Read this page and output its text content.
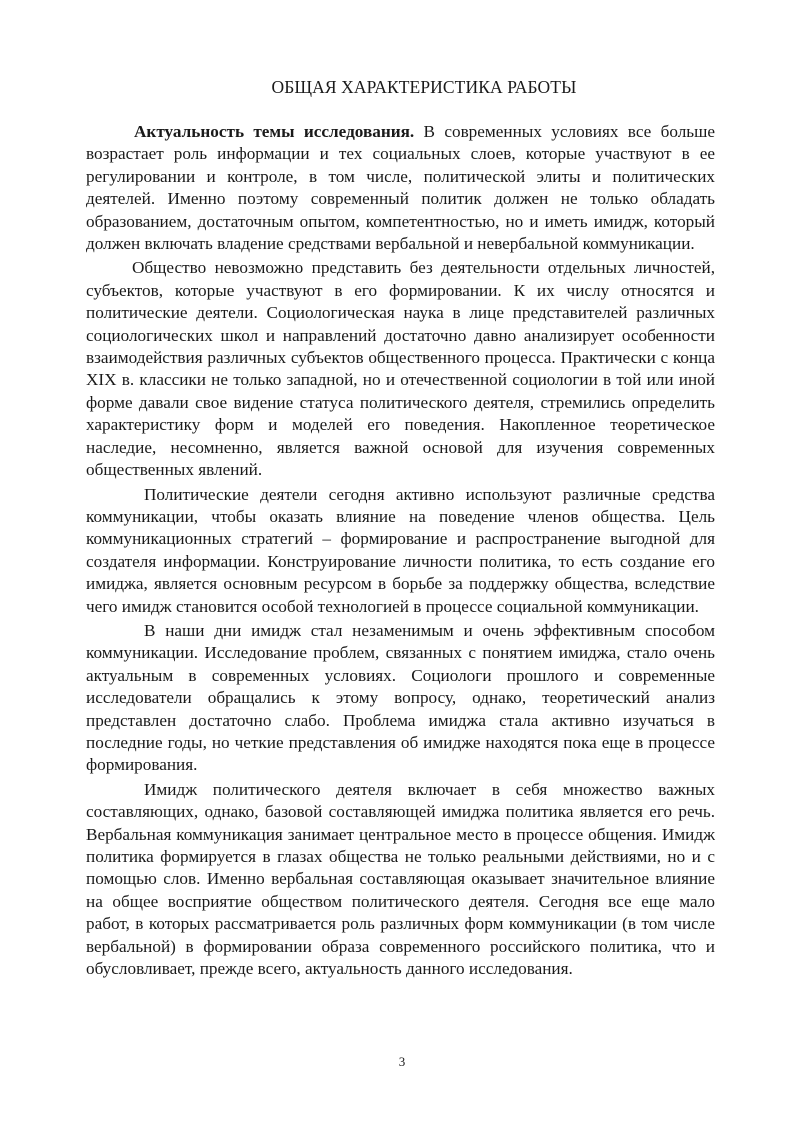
ОБЩАЯ ХАРАКТЕРИСТИКА РАБОТЫ

Актуальность темы исследования. В современных условиях все больше возрастает роль информации и тех социальных слоев, которые участвуют в ее регулировании и контроле, в том числе, политической элиты и политических деятелей. Именно поэтому современный политик должен не только обладать образованием, достаточным опытом, компетентностью, но и иметь имидж, который должен включать владение средствами вербальной и невербальной коммуникации.

Общество невозможно представить без деятельности отдельных личностей, субъектов, которые участвуют в его формировании. К их числу относятся и политические деятели. Социологическая наука в лице представителей различных социологических школ и направлений достаточно давно анализирует особенности взаимодействия различных субъектов общественного процесса. Практически с конца XIX в. классики не только западной, но и отечественной социологии в той или иной форме давали свое видение статуса политического деятеля, стремились определить характеристику форм и моделей его поведения. Накопленное теоретическое наследие, несомненно, является важной основой для изучения современных общественных явлений.

Политические деятели сегодня активно используют различные средства коммуникации, чтобы оказать влияние на поведение членов общества. Цель коммуникационных стратегий – формирование и распространение выгодной для создателя информации. Конструирование личности политика, то есть создание его имиджа, является основным ресурсом в борьбе за поддержку общества, вследствие чего имидж становится особой технологией в процессе социальной коммуникации.

В наши дни имидж стал незаменимым и очень эффективным способом коммуникации. Исследование проблем, связанных с понятием имиджа, стало очень актуальным в современных условиях. Социологи прошлого и современные исследователи обращались к этому вопросу, однако, теоретический анализ представлен достаточно слабо. Проблема имиджа стала активно изучаться в последние годы, но четкие представления об имидже находятся пока еще в процессе формирования.

Имидж политического деятеля включает в себя множество важных составляющих, однако, базовой составляющей имиджа политика является его речь. Вербальная коммуникация занимает центральное место в процессе общения. Имидж политика формируется в глазах общества не только реальными действиями, но и с помощью слов. Именно вербальная составляющая оказывает значительное влияние на общее восприятие обществом политического деятеля. Сегодня все еще мало работ, в которых рассматривается роль различных форм коммуникации (в том числе вербальной) в формировании образа современного российского политика, что и обусловливает, прежде всего, актуальность данного исследования.

3
